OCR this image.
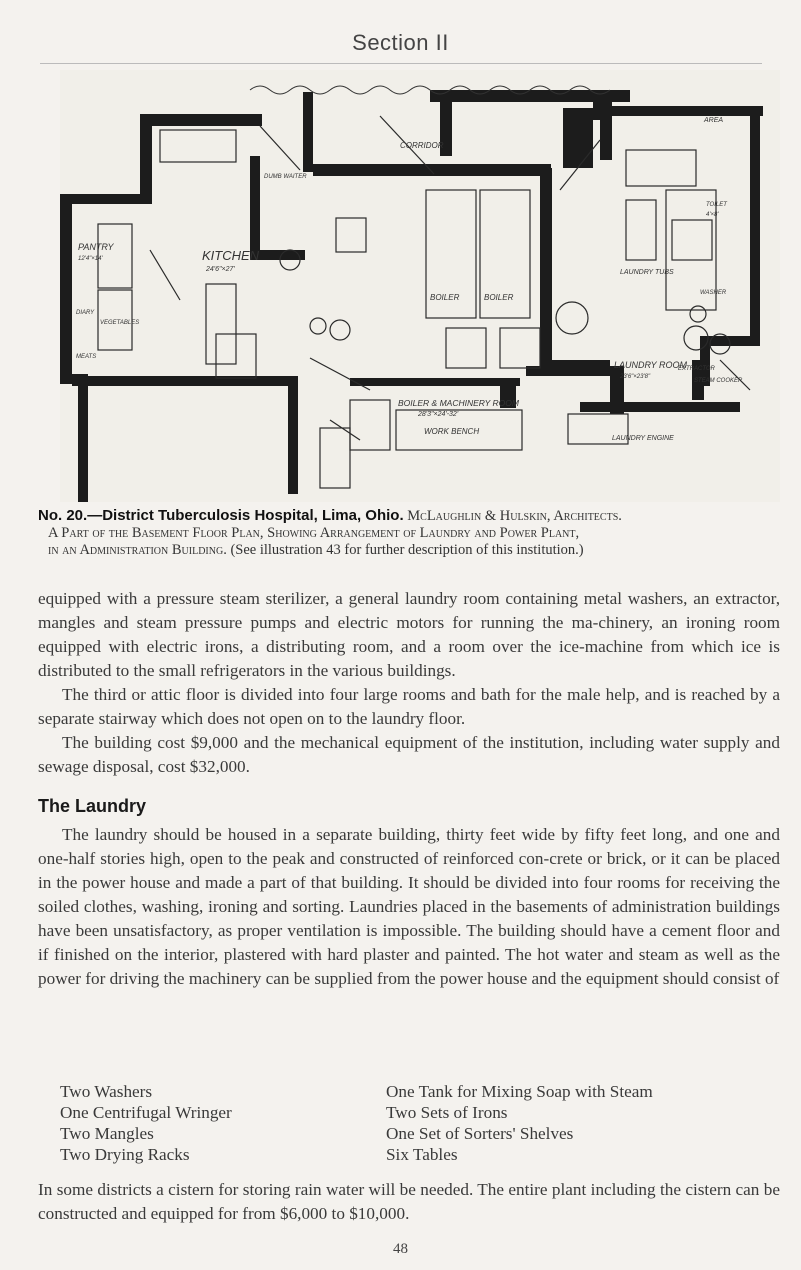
Section II
CORRIDOR
PANTRY
12'4"×14'	KITCHEN
24'6"×27'
DUMB WAITER
DIARY
VEGETABLES
MEATS
BOILER	BOILER
BOILER & MACHINERY ROOM
28'3"×24'-32'
WORK BENCH
AREA
TOILET
4'×8'
LAUNDRY TUBS
WASHER
EXTRACTOR
STEAM COOKER
LAUNDRY ROOM
23'6"×23'8"
LAUNDRY ENGINE
No. 20.—District Tuberculosis Hospital, Lima, Ohio. McLaughlin & Hulskin, Architects.
A Part of the Basement Floor Plan, Showing Arrangement of Laundry and Power Plant,
in an Administration Building. (See illustration 43 for further description of this institution.)

equipped with a pressure steam sterilizer, a general laundry room containing metal washers, an extractor, mangles and steam pressure pumps and electric motors for running the ma-chinery, an ironing room equipped with electric irons, a distributing room, and a room over the ice-machine from which ice is distributed to the small refrigerators in the various buildings.

The third or attic floor is divided into four large rooms and bath for the male help, and is reached by a separate stairway which does not open on to the laundry floor.

The building cost $9,000 and the mechanical equipment of the institution, including water supply and sewage disposal, cost $32,000.

The Laundry

The laundry should be housed in a separate building, thirty feet wide by fifty feet long, and one and one-half stories high, open to the peak and constructed of reinforced con-crete or brick, or it can be placed in the power house and made a part of that building. It should be divided into four rooms for receiving the soiled clothes, washing, ironing and sorting. Laundries placed in the basements of administration buildings have been unsatisfactory, as proper ventilation is impossible. The building should have a cement floor and if finished on the interior, plastered with hard plaster and painted. The hot water and steam as well as the power for driving the machinery can be supplied from the power house and the equipment should consist of

Two Washers	One Tank for Mixing Soap with Steam
One Centrifugal Wringer	Two Sets of Irons
Two Mangles	One Set of Sorters' Shelves
Two Drying Racks	Six Tables

In some districts a cistern for storing rain water will be needed. The entire plant including the cistern can be constructed and equipped for from $6,000 to $10,000.

48
